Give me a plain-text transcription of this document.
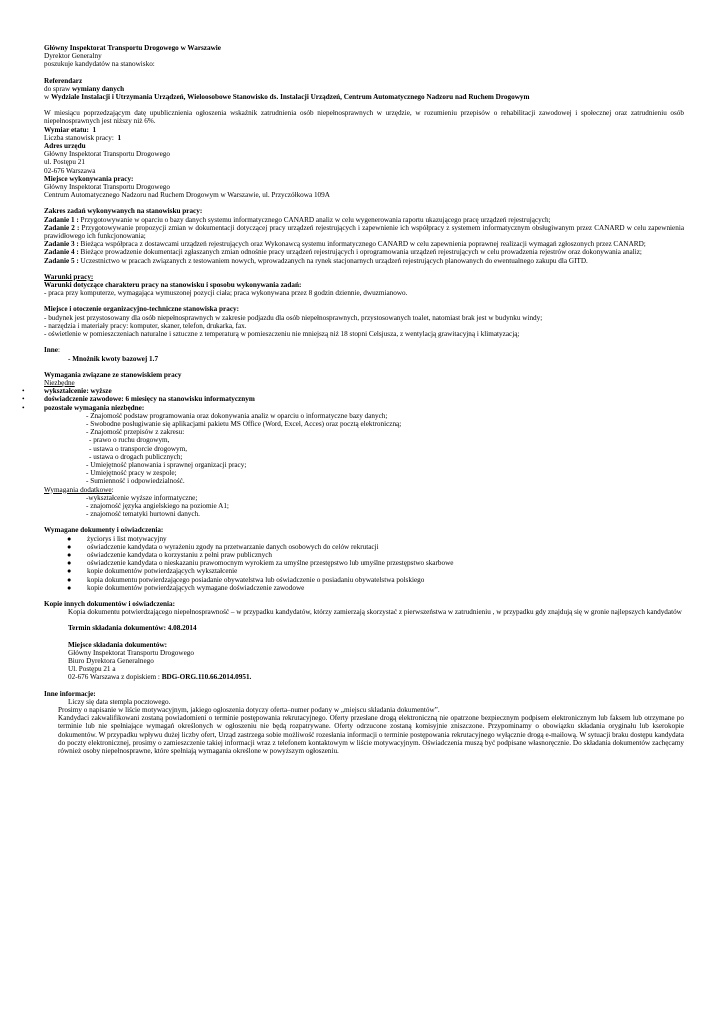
Główny Inspektorat Transportu Drogowego w Warszawie
Dyrektor Generalny
poszukuje kandydatów na stanowisko:
Referendarz
do spraw wymiany danych
w Wydziale Instalacji i Utrzymania Urządzeń, Wieloosobowe Stanowisko ds. Instalacji Urządzeń, Centrum Automatycznego Nadzoru nad Ruchem Drogowym
W miesiącu poprzedzającym datę upublicznienia ogłoszenia wskaźnik zatrudnienia osób niepełnosprawnych w urzędzie, w rozumieniu przepisów o rehabilitacji zawodowej i społecznej oraz zatrudnieniu osób niepełnosprawnych jest niższy niż 6%.
Wymiar etatu: 1
Liczba stanowisk pracy: 1
Adres urzędu
Główny Inspektorat Transportu Drogowego
ul. Postępu 21
02-676 Warszawa
Miejsce wykonywania pracy:
Główny Inspektorat Transportu Drogowego
Centrum Automatycznego Nadzoru nad Ruchem Drogowym w Warszawie, ul. Przyczółkowa 109A
Zakres zadań wykonywanych na stanowisku pracy:
Zadanie 1 : Przygotowywanie w oparciu o bazy danych systemu informatycznego CANARD analiz w celu wygenerowania raportu ukazującego pracę urządzeń rejestrujących;
Zadanie 2 : Przygotowywanie propozycji zmian w dokumentacji dotyczącej pracy urządzeń rejestrujących i zapewnienie ich współpracy z systemem informatycznym obsługiwanym przez CANARD w celu zapewnienia prawidłowego ich funkcjonowania;
Zadanie 3 : Bieżąca współpraca z dostawcami urządzeń rejestrujących oraz Wykonawcą systemu informatycznego CANARD w celu zapewnienia poprawnej realizacji wymagań zgłoszonych przez CANARD;
Zadanie 4 : Bieżące prowadzenie dokumentacji zgłaszanych zmian odnośnie pracy urządzeń rejestrujących i oprogramowania urządzeń rejestrujących w celu prowadzenia rejestrów oraz dokonywania analiz;
Zadanie 5 : Uczestnictwo w pracach związanych z testowaniem nowych, wprowadzanych na rynek stacjonarnych urządzeń rejestrujących planowanych do ewentualnego zakupu dla GITD.
Warunki pracy:
Warunki dotyczące charakteru pracy na stanowisku i sposobu wykonywania zadań:
- praca przy komputerze, wymagająca wymuszonej pozycji ciała; praca wykonywana przez 8 godzin dziennie, dwuzmianowo.
Miejsce i otoczenie organizacyjno-techniczne stanowiska pracy:
- budynek jest przystosowany dla osób niepełnosprawnych w zakresie podjazdu dla osób niepełnosprawnych, przystosowanych toalet, natomiast brak jest w budynku windy;
- narzędzia i materiały pracy: komputer, skaner, telefon, drukarka, fax.
- oświetlenie w pomieszczeniach naturalne i sztuczne z temperaturą w pomieszczeniu nie mniejszą niż 18 stopni Celsjusza, z wentylacją grawitacyjną i klimatyzacją;
Inne:
- Mnożnik kwoty bazowej 1.7
Wymagania związane ze stanowiskiem pracy
Niezbędne
•	wykształcenie: wyższe
•	doświadczenie zawodowe: 6 miesięcy na stanowisku informatycznym
•	pozostałe wymagania niezbędne:
- Znajomość podstaw programowania oraz dokonywania analiz w oparciu o informatyczne bazy danych;
- Swobodne posługiwanie się aplikacjami pakietu MS Office (Word, Excel, Acces) oraz pocztą elektroniczną;
- Znajomość przepisów z zakresu:
- prawo o ruchu drogowym,
- ustawa o transporcie drogowym,
- ustawa o drogach publicznych;
- Umiejętność planowania i sprawnej organizacji pracy;
- Umiejętność pracy w zespole;
- Sumienność i odpowiedzialność.
Wymagania dodatkowe:
-wykształcenie wyższe informatyczne;
- znajomość języka angielskiego na poziomie A1;
- znajomość tematyki hurtowni danych.
Wymagane dokumenty i oświadczenia:
● życiorys i list motywacyjny
● oświadczenie kandydata o wyrażeniu zgody na przetwarzanie danych osobowych do celów rekrutacji
● oświadczenie kandydata o korzystaniu z pełni praw publicznych
● oświadczenie kandydata o nieskazaniu prawomocnym wyrokiem za umyślne przestępstwo lub umyślne przestępstwo skarbowe
● kopie dokumentów potwierdzających wykształcenie
● kopia dokumentu potwierdzającego posiadanie obywatelstwa lub oświadczenie o posiadaniu obywatelstwa polskiego
● kopie dokumentów potwierdzających wymagane doświadczenie zawodowe
Kopie innych dokumentów i oświadczenia:
Kopia dokumentu potwierdzającego niepełnosprawność – w przypadku kandydatów, którzy zamierzają skorzystać z pierwszeństwa w zatrudnieniu , w przypadku gdy znajdują się w gronie najlepszych kandydatów
Termin składania dokumentów: 4.08.2014
Miejsce składania dokumentów:
Główny Inspektorat Transportu Drogowego
Biuro Dyrektora Generalnego
Ul. Postępu 21 a
02-676 Warszawa z dopiskiem : BDG-ORG.110.66.2014.0951.
Inne informacje:
Liczy się data stempla pocztowego.
Prosimy o napisanie w liście motywacyjnym, jakiego ogłoszenia dotyczy oferta–numer podany w „miejscu składania dokumentów”.
Kandydaci zakwalifikowani zostaną powiadomieni o terminie postępowania rekrutacyjnego. Oferty przesłane drogą elektroniczną nie opatrzone bezpiecznym podpisem elektronicznym lub faksem lub otrzymane po terminie lub nie spełniające wymagań określonych w ogłoszeniu nie będą rozpatrywane. Oferty odrzucone zostaną komisyjnie zniszczone. Przypominamy o obowiązku składania oryginału lub kserokopie dokumentów. W przypadku wpływu dużej liczby ofert, Urząd zastrzega sobie możliwość rozesłania informacji o terminie postępowania rekrutacyjnego wyłącznie drogą e-mailową. W sytuacji braku dostępu kandydata do poczty elektronicznej, prosimy o zamieszczenie takiej informacji wraz z telefonem kontaktowym w liście motywacyjnym. Oświadczenia muszą być podpisane własnoręcznie. Do składania dokumentów zachęcamy również osoby niepełnosprawne, które spełniają wymagania określone w powyższym ogłoszeniu.
